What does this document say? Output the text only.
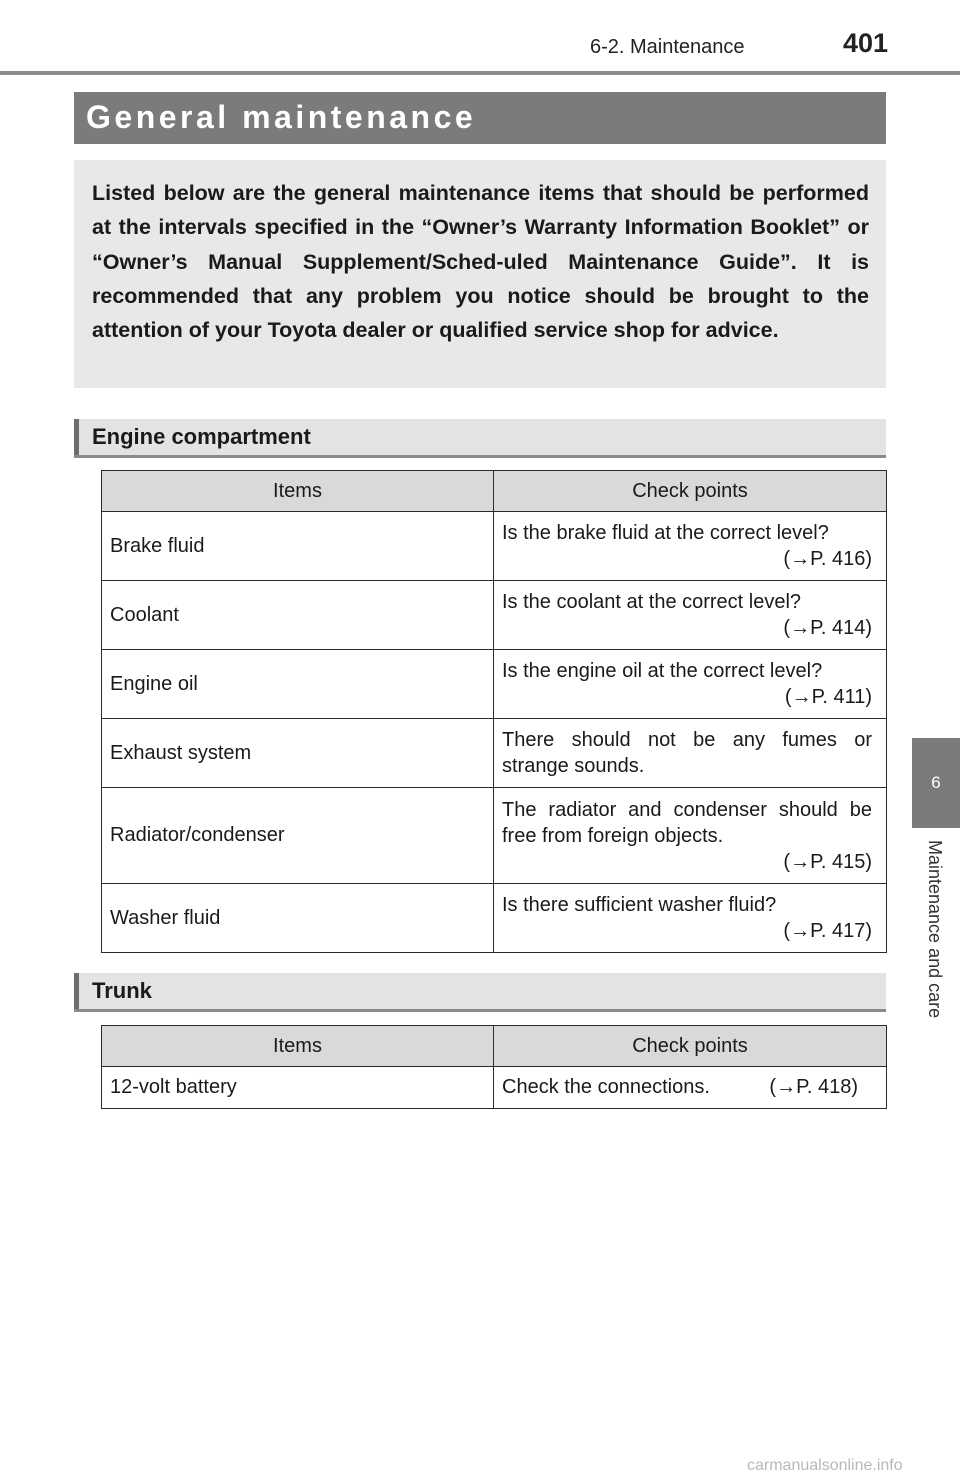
6-2. Maintenance	401
General maintenance

Listed below are the general maintenance items that should be performed at the intervals specified in the “Owner’s Warranty Information Booklet” or “Owner’s Manual Supplement/Sched-uled Maintenance Guide”. It is recommended that any problem you notice should be brought to the attention of your Toyota dealer or qualified service shop for advice.

Engine compartment
Items	Check points
Brake fluid	Is the brake fluid at the correct level?
(→P. 416)

Coolant	Is the coolant at the correct level?
(→P. 414)

Engine oil	Is the engine oil at the correct level?
(→P. 411)

Exhaust system	There should not be any fumes or strange sounds.
Radiator/condenser	The radiator and condenser should be free from foreign objects.
(→P. 415)

Washer fluid	Is there sufficient washer fluid?
(→P. 417)
Trunk
Items	Check points
12-volt battery	Check the connections. (→P. 418)
6
Maintenance and care
carmanualsonline.info
